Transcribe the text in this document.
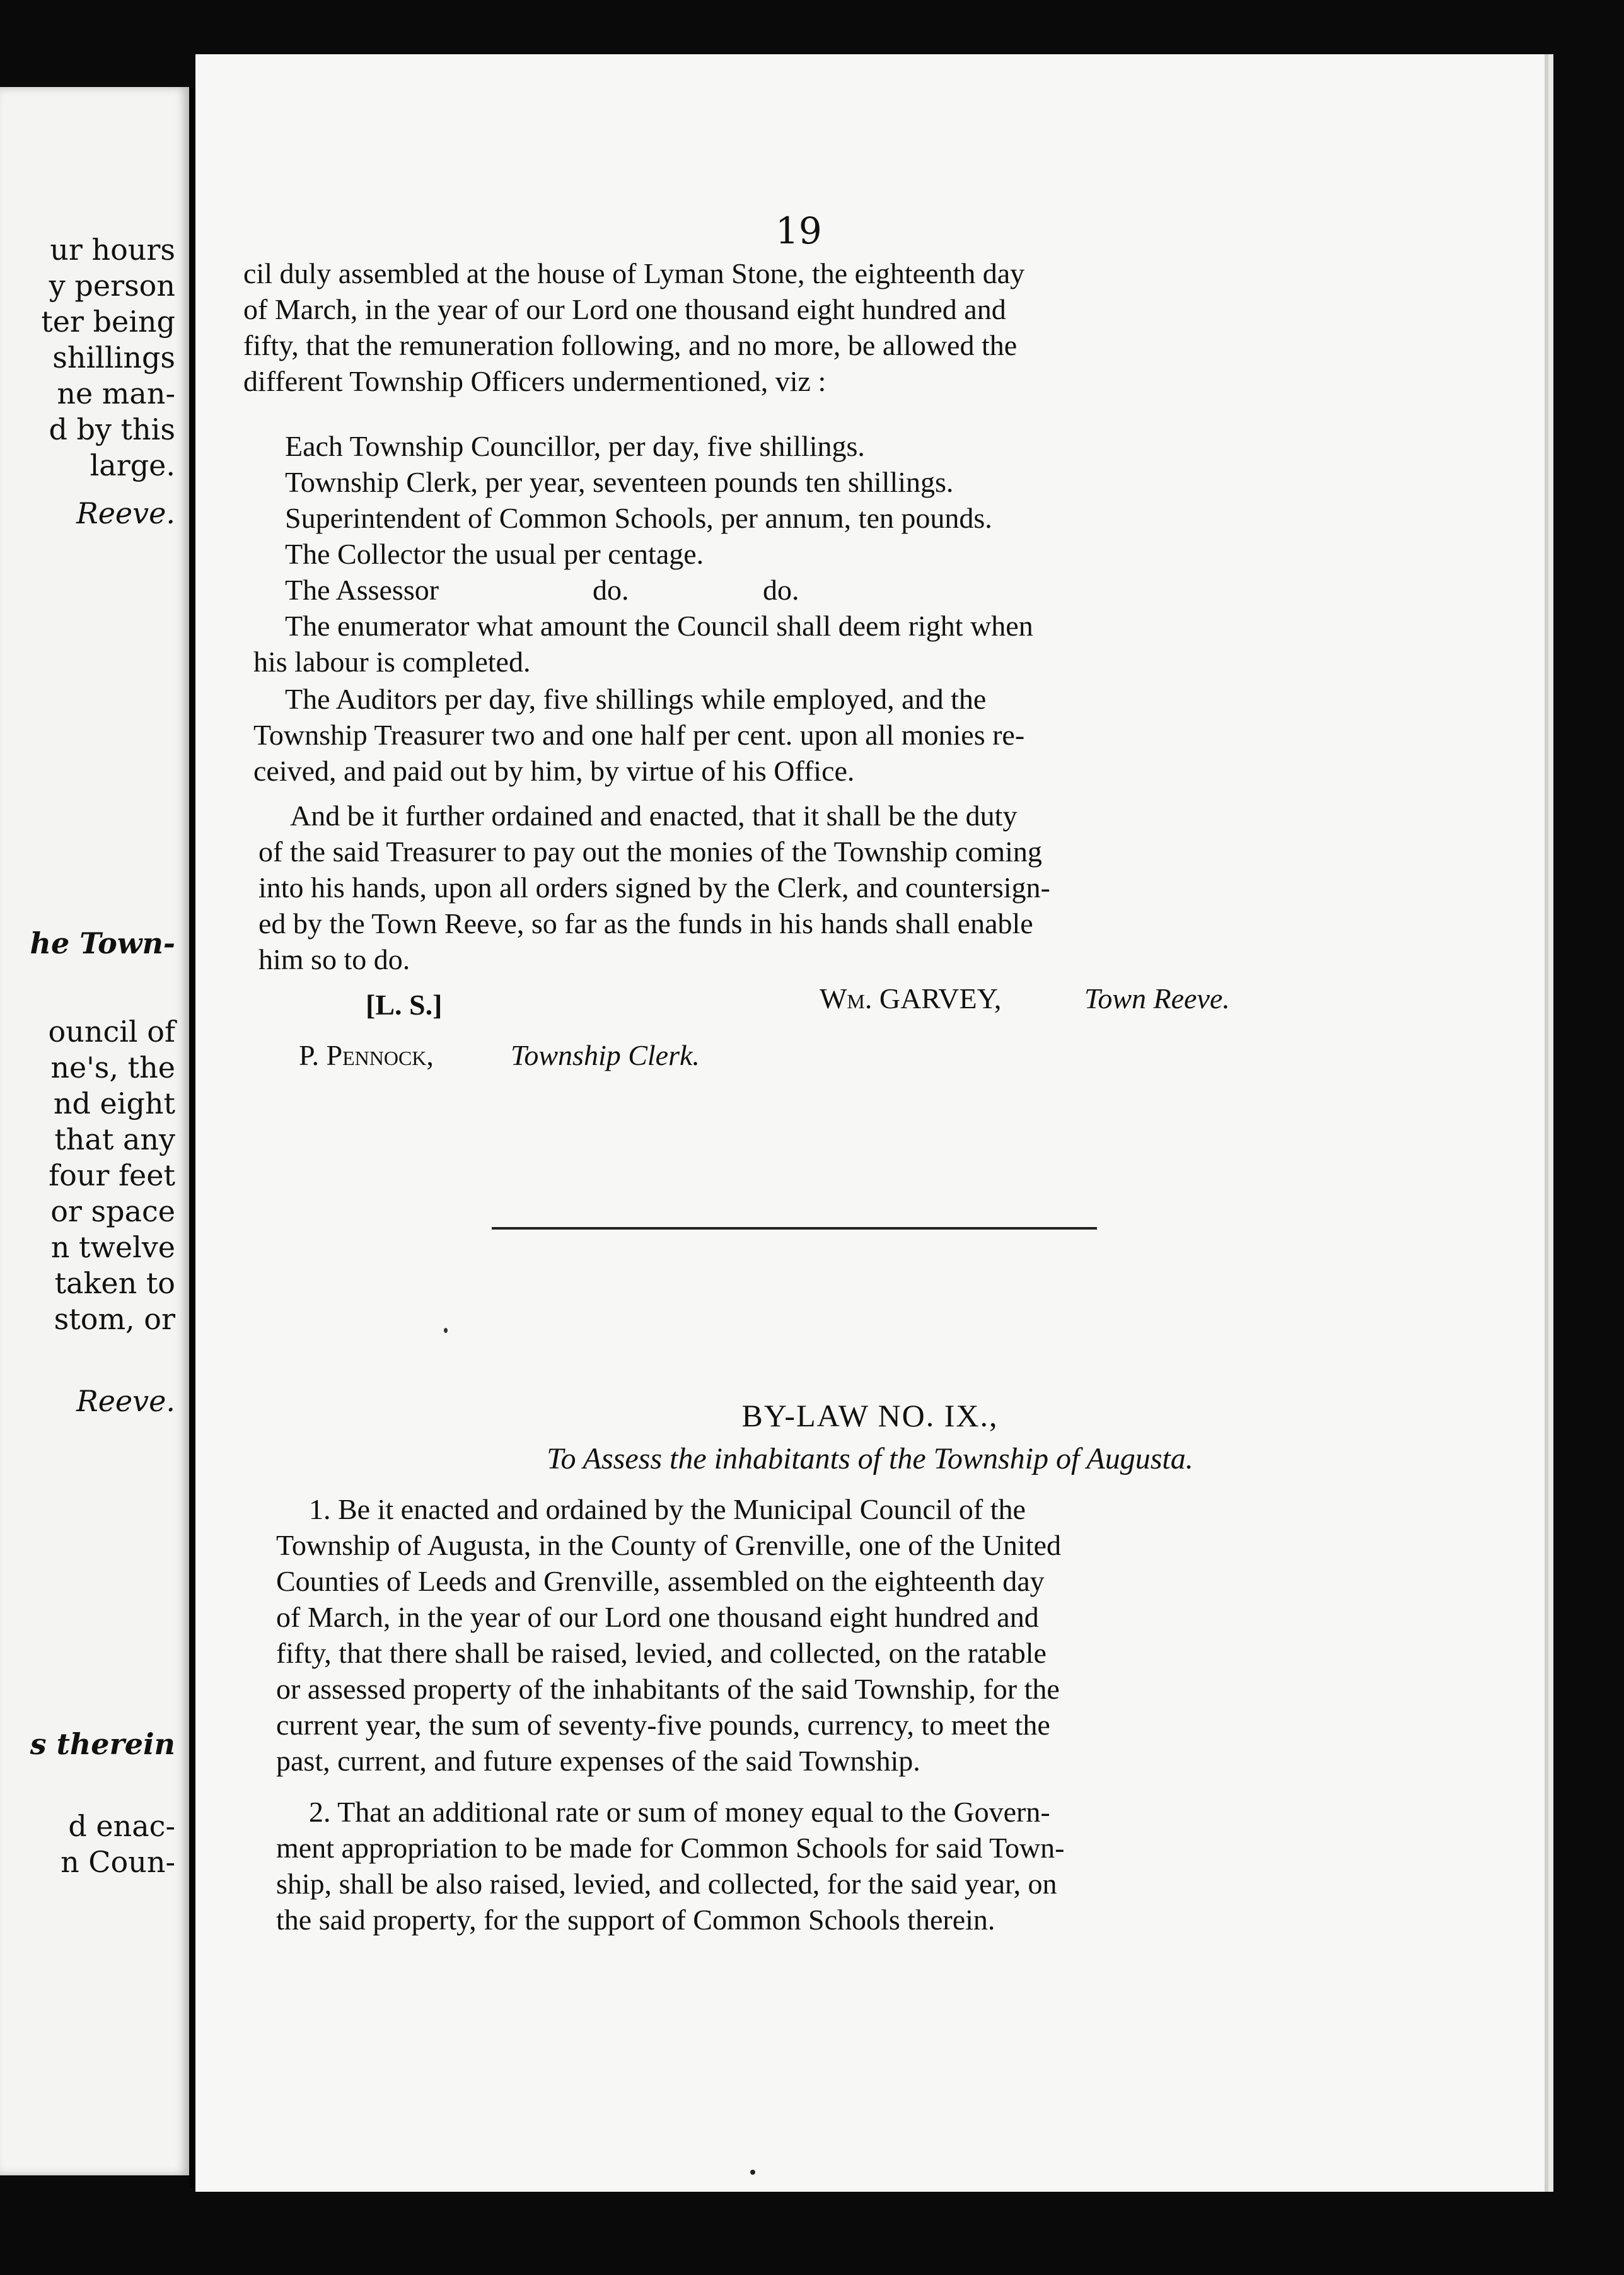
ur hours
y person
ter being
shillings
ne man-
d by this
large.
Reeve.
he Town-
ouncil of
ne's, the
nd eight
that any
four feet
or space
n twelve
taken to
stom, or
Reeve.
s therein
d enac-
n Coun-
19
cil duly assembled at the house of Lyman Stone, the eighteenth day
of March, in the year of our Lord one thousand eight hundred and
fifty, that the remuneration following, and no more, be allowed the
different Township Officers undermentioned, viz :
Each Township Councillor, per day, five shillings.
Township Clerk, per year, seventeen pounds ten shillings.
Superintendent of Common Schools, per annum, ten pounds.
The Collector the usual per centage.
The Assessor	do.	do.
The enumerator what amount the Council shall deem right when
his labour is completed.
The Auditors per day, five shillings while employed, and the
Township Treasurer two and one half per cent. upon all monies re-
ceived, and paid out by him, by virtue of his Office.
And be it further ordained and enacted, that it shall be the duty
of the said Treasurer to pay out the monies of the Township coming
into his hands, upon all orders signed by the Clerk, and countersign-
ed by the Town Reeve, so far as the funds in his hands shall enable
him so to do.
[L. S.]	Wm. GARVEY,	Town Reeve.
P. Pennock,	Township Clerk.
BY-LAW NO. IX.,
To Assess the inhabitants of the Township of Augusta.
1. Be it enacted and ordained by the Municipal Council of the
Township of Augusta, in the County of Grenville, one of the United
Counties of Leeds and Grenville, assembled on the eighteenth day
of March, in the year of our Lord one thousand eight hundred and
fifty, that there shall be raised, levied, and collected, on the ratable
or assessed property of the inhabitants of the said Township, for the
current year, the sum of seventy-five pounds, currency, to meet the
past, current, and future expenses of the said Township.
2. That an additional rate or sum of money equal to the Govern-
ment appropriation to be made for Common Schools for said Town-
ship, shall be also raised, levied, and collected, for the said year, on
the said property, for the support of Common Schools therein.
